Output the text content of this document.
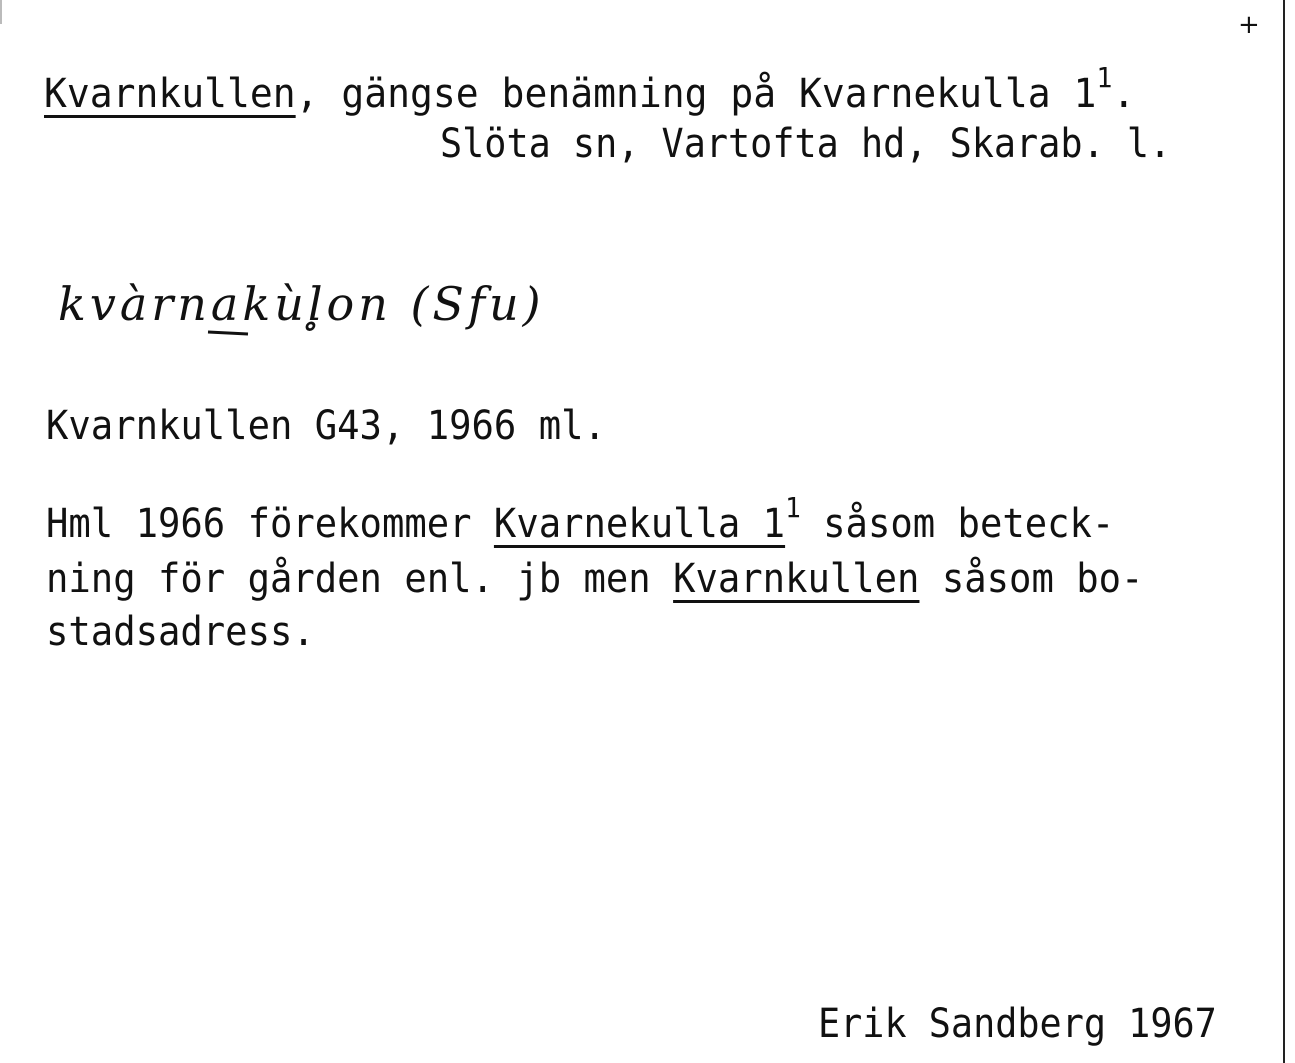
+
Kvarnkullen, gängse benämning på Kvarnekulla $1^1$.
Slöta sn, Vartofta hd, Skarab. l.
kvàrnakùl̥on (Sfu)
Kvarnkullen G43, 1966 ml.
Hml 1966 förekommer Kvarnekulla $1^1$ såsom beteck-
ning för gården enl. jb men Kvarnkullen såsom bo-
stadsadress.
Erik Sandberg 1967
